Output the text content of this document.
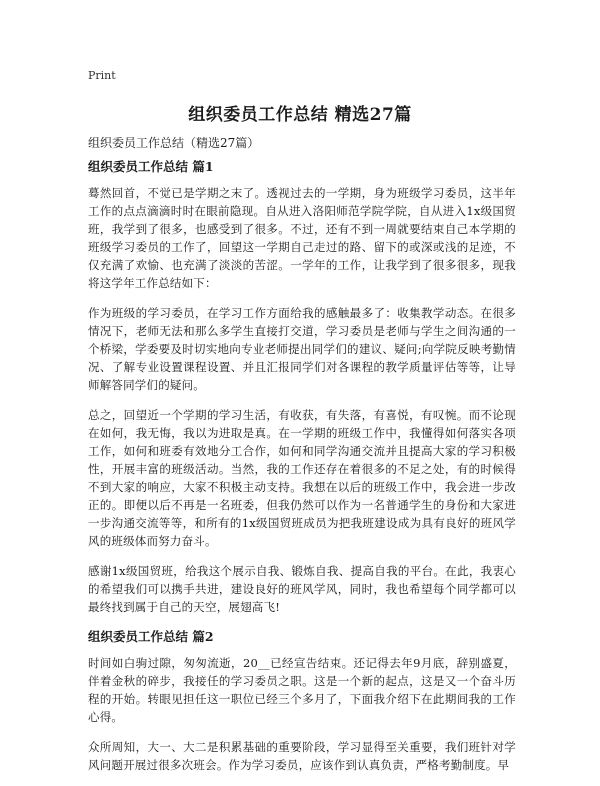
Print
组织委员工作总结 精选27篇
组织委员工作总结（精选27篇）
组织委员工作总结 篇1

蓦然回首，不觉已是学期之末了。透视过去的一学期，身为班级学习委员，这半年工作的点点滴滴时时在眼前隐现。自从进入洛阳师范学院学院，自从进入1x级国贸班，我学到了很多，也感受到了很多。不过，还有不到一周就要结束自己本学期的班级学习委员的工作了，回望这一学期自己走过的路、留下的或深或浅的足迹，不仅充满了欢愉、也充满了淡淡的苦涩。一学年的工作，让我学到了很多很多，现我将这学年工作总结如下：

作为班级的学习委员，在学习工作方面给我的感触最多了：收集教学动态。在很多情况下，老师无法和那么多学生直接打交道，学习委员是老师与学生之间沟通的一个桥梁，学委要及时切实地向专业老师提出同学们的建议、疑问;向学院反映考勤情况、了解专业设置课程设置、并且汇报同学们对各课程的教学质量评估等等，让导师解答同学们的疑问。

总之，回望近一个学期的学习生活，有收获，有失落，有喜悦，有叹惋。而不论现在如何，我无悔，我以为进取是真。在一学期的班级工作中，我懂得如何落实各项工作，如何和班委有效地分工合作，如何和同学沟通交流并且提高大家的学习积极性，开展丰富的班级活动。当然，我的工作还存在着很多的不足之处，有的时候得不到大家的响应，大家不积极主动支持。我想在以后的班级工作中，我会进一步改正的。即便以后不再是一名班委，但我仍然可以作为一名普通学生的身份和大家进一步沟通交流等等，和所有的1x级国贸班成员为把我班建设成为具有良好的班风学风的班级体而努力奋斗。

感谢1x级国贸班，给我这个展示自我、锻炼自我、提高自我的平台。在此，我衷心的希望我们可以携手共进，建设良好的班风学风，同时，我也希望每个同学都可以最终找到属于自己的天空，展翅高飞!

组织委员工作总结 篇2

时间如白驹过隙，匆匆流逝，20__已经宣告结束。还记得去年9月底，辞别盛夏，伴着金秋的碎步，我接任的学习委员之职。这是一个新的起点，这是又一个奋斗历程的开始。转眼见担任这一职位已经三个多月了，下面我介绍下在此期间我的工作心得。

众所周知，大一、大二是积累基础的重要阶段，学习显得至关重要，我们班针对学风问题开展过很多次班会。作为学习委员，应该作到认真负责，严格考勤制度。早
